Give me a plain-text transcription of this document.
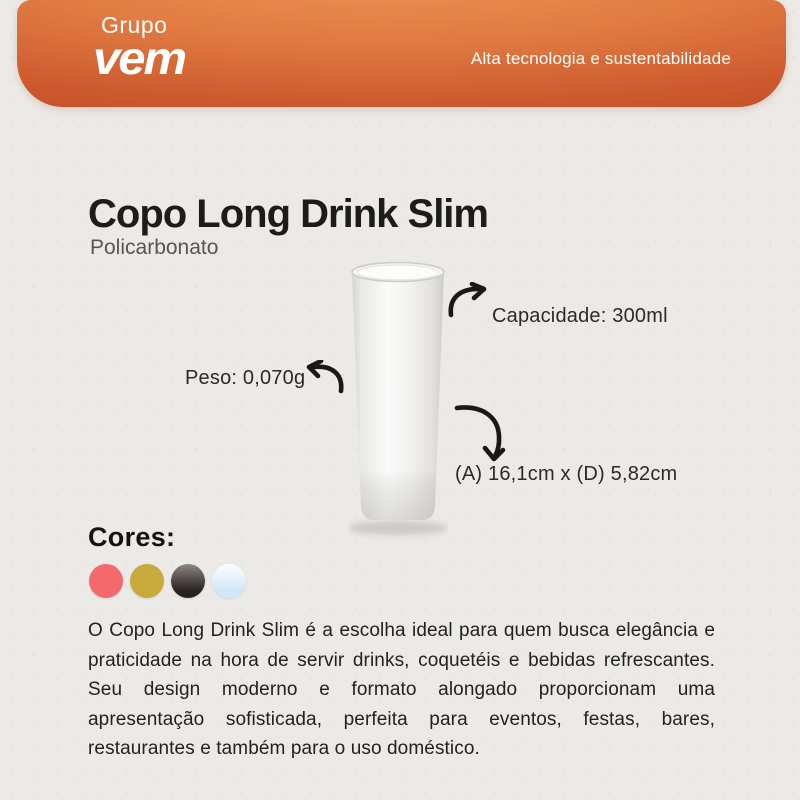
Grupo
vem	Alta tecnologia e sustentabilidade
Copo Long Drink Slim
Policarbonato
Capacidade: 300ml
Peso: 0,070g
(A) 16,1cm x (D) 5,82cm
Cores:

O Copo Long Drink Slim é a escolha ideal para quem busca elegância e praticidade na hora de servir drinks, coquetéis e bebidas refrescantes. Seu design moderno e formato alongado proporcionam uma apresentação sofisticada, perfeita para eventos, festas, bares, restaurantes e também para o uso doméstico.
